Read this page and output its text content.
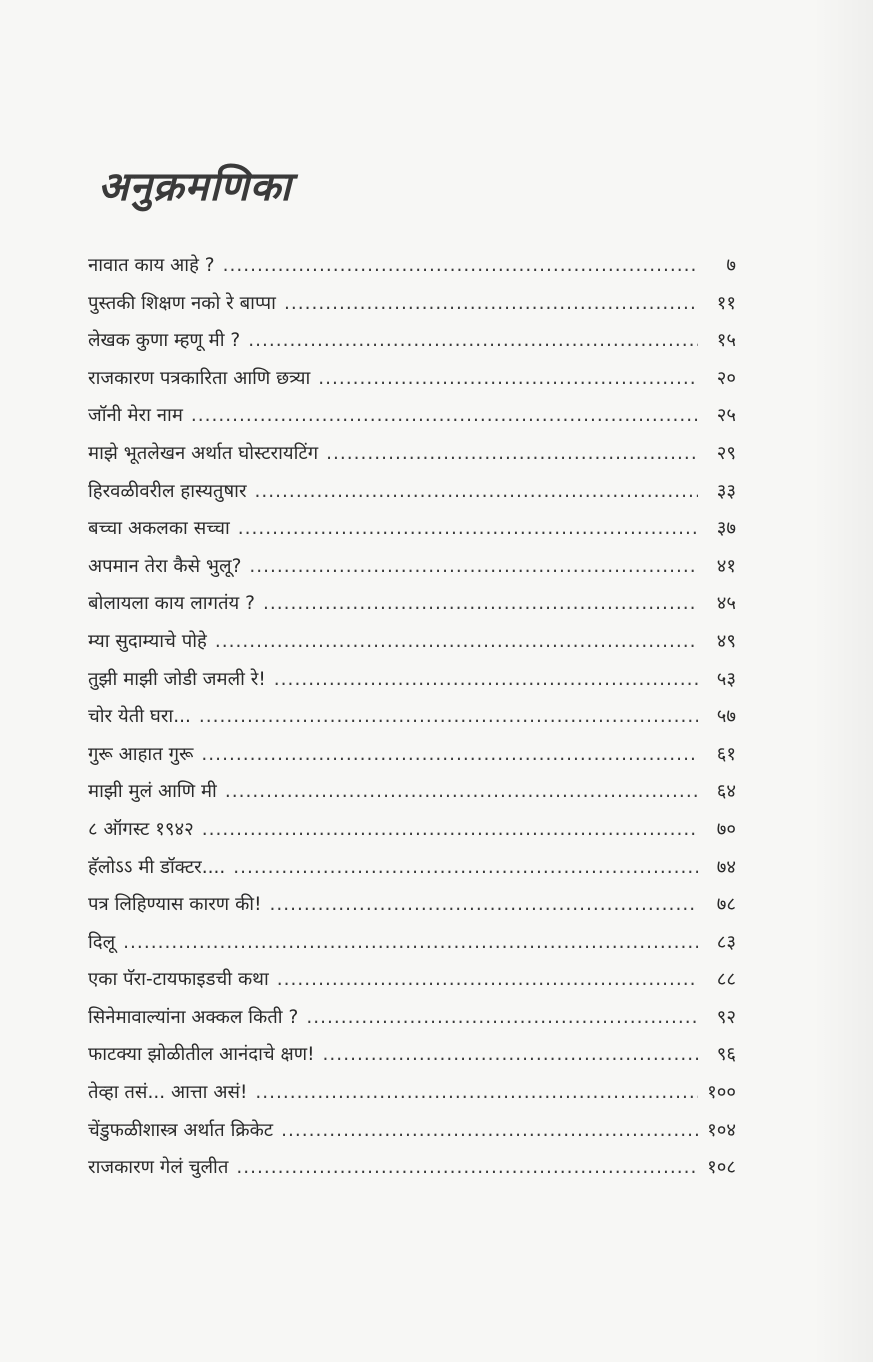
अनुक्रमणिका
नावात काय आहे ? .....	७
पुस्तकी शिक्षण नको रे बाप्पा .....	११
लेखक कुणा म्हणू मी ? .....	१५
राजकारण पत्रकारिता आणि छत्र्या .....	२०
जॉनी मेरा नाम .....	२५
माझे भूतलेखन अर्थात घोस्टरायटिंग .....	२९
हिरवळीवरील हास्यतुषार .....	३३
बच्चा अकलका सच्चा .....	३७
अपमान तेरा कैसे भुलू? .....	४१
बोलायला काय लागतंय ? .....	४५
म्या सुदाम्याचे पोहे .....	४९
तुझी माझी जोडी जमली रे! .....	५३
चोर येती घरा... .....	५७
गुरू आहात गुरू .....	६१
माझी मुलं आणि मी .....	६४
८ ऑगस्ट १९४२ .....	७०
हॅलोऽऽ मी डॉक्टर.... .....	७४
पत्र लिहिण्यास कारण की! .....	७८
दिलू .....	८३
एका पॅरा-टायफाइडची कथा .....	८८
सिनेमावाल्यांना अक्कल किती ? .....	९२
फाटक्या झोळीतील आनंदाचे क्षण! .....	९६
तेव्हा तसं... आत्ता असं! .....	१००
चेंडुफळीशास्त्र अर्थात क्रिकेट .....	१०४
राजकारण गेलं चुलीत .....	१०८
